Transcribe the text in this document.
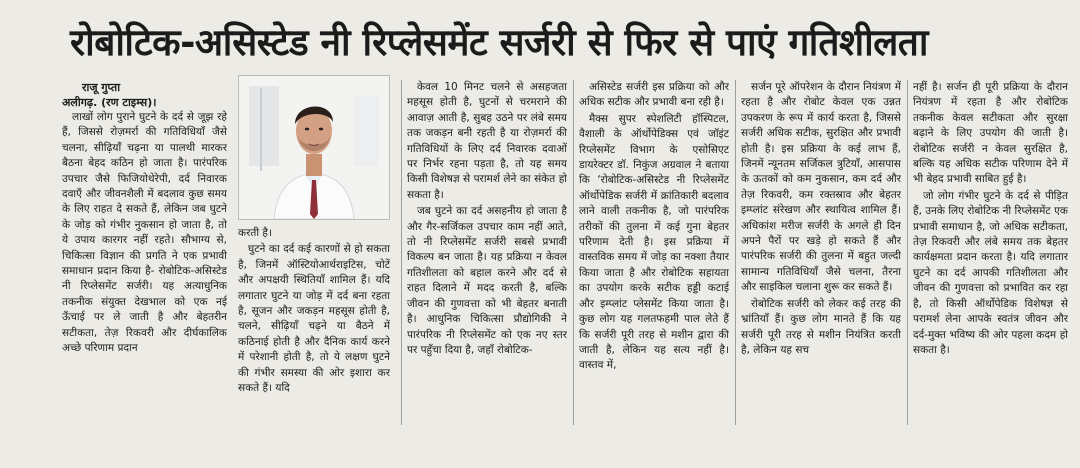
रोबोटिक-असिस्टेड नी रिप्लेसमेंट सर्जरी से फिर से पाएं गतिशीलता
राजू गुप्ता
अलीगढ़. (रण टाइम्स)।

लाखों लोग पुराने घुटने के दर्द से जूझ रहे हैं, जिससे रोज़मर्रा की गतिविधियाँ जैसे चलना, सीढ़ियाँ चढ़ना या पालथी मारकर बैठना बेहद कठिन हो जाता है। पारंपरिक उपचार जैसे फिजियोथेरेपी, दर्द निवारक दवाएँ और जीवनशैली में बदलाव कुछ समय के लिए राहत दे सकते हैं, लेकिन जब घुटने के जोड़ को गंभीर नुकसान हो जाता है, तो ये उपाय कारगर नहीं रहते। सौभाग्य से, चिकित्सा विज्ञान की प्रगति ने एक प्रभावी समाधान प्रदान किया है- रोबोटिक-असिस्टेड नी रिप्लेसमेंट सर्जरी। यह अत्याधुनिक तकनीक संयुक्त देखभाल को एक नई ऊँचाई पर ले जाती है और बेहतरीन सटीकता, तेज़ रिकवरी और दीर्घकालिक अच्छे परिणाम प्रदान

करती है।

घुटने का दर्द कई कारणों से हो सकता है, जिनमें ऑस्टियोआर्थराइटिस, चोटें और अपक्षयी स्थितियाँ शामिल हैं। यदि लगातार घुटने या जोड़ में दर्द बना रहता है, सूजन और जकड़न महसूस होती है, चलने, सीढ़ियाँ चढ़ने या बैठने में कठिनाई होती है और दैनिक कार्य करने में परेशानी होती है, तो ये लक्षण घुटने की गंभीर समस्या की ओर इशारा कर सकते हैं। यदि

केवल 10 मिनट चलने से असहजता महसूस होती है, घुटनों से चरमराने की आवाज़ आती है, सुबह उठने पर लंबे समय तक जकड़न बनी रहती है या रोज़मर्रा की गतिविधियों के लिए दर्द निवारक दवाओं पर निर्भर रहना पड़ता है, तो यह समय किसी विशेषज्ञ से परामर्श लेने का संकेत हो सकता है।

जब घुटने का दर्द असहनीय हो जाता है और गैर-सर्जिकल उपचार काम नहीं आते, तो नी रिप्लेसमेंट सर्जरी सबसे प्रभावी विकल्प बन जाता है। यह प्रक्रिया न केवल गतिशीलता को बहाल करने और दर्द से राहत दिलाने में मदद करती है, बल्कि जीवन की गुणवत्ता को भी बेहतर बनाती है। आधुनिक चिकित्सा प्रौद्योगिकी ने पारंपरिक नी रिप्लेसमेंट को एक नए स्तर पर पहुँचा दिया है, जहाँ रोबोटिक-

असिस्टेड सर्जरी इस प्रक्रिया को और अधिक सटीक और प्रभावी बना रही है।

मैक्स सुपर स्पेशलिटी हॉस्पिटल, वैशाली के ऑर्थोपेडिक्स एवं जॉइंट रिप्लेसमेंट विभाग के एसोसिएट डायरेक्टर डॉ. निकुंज अग्रवाल ने बताया कि ‘रोबोटिक-असिस्टेड नी रिप्लेसमेंट ऑर्थोपेडिक सर्जरी में क्रांतिकारी बदलाव लाने वाली तकनीक है, जो पारंपरिक तरीकों की तुलना में कई गुना बेहतर परिणाम देती है। इस प्रक्रिया में वास्तविक समय में जोड़ का नक्शा तैयार किया जाता है और रोबोटिक सहायता का उपयोग करके सटीक हड्डी कटाई और इम्प्लांट प्लेसमेंट किया जाता है। कुछ लोग यह गलतफहमी पाल लेते हैं कि सर्जरी पूरी तरह से मशीन द्वारा की जाती है, लेकिन यह सत्य नहीं है। वास्तव में,

सर्जन पूरे ऑपरेशन के दौरान नियंत्रण में रहता है और रोबोट केवल एक उन्नत उपकरण के रूप में कार्य करता है, जिससे सर्जरी अधिक सटीक, सुरक्षित और प्रभावी होती है। इस प्रक्रिया के कई लाभ हैं, जिनमें न्यूनतम सर्जिकल त्रुटियाँ, आसपास के ऊतकों को कम नुकसान, कम दर्द और तेज़ रिकवरी, कम रक्तस्राव और बेहतर इम्प्लांट संरेखण और स्थायित्व शामिल हैं। अधिकांश मरीज सर्जरी के अगले ही दिन अपने पैरों पर खड़े हो सकते हैं और पारंपरिक सर्जरी की तुलना में बहुत जल्दी सामान्य गतिविधियाँ जैसे चलना, तैरना और साइकिल चलाना शुरू कर सकते हैं।

रोबोटिक सर्जरी को लेकर कई तरह की भ्रांतियाँ हैं। कुछ लोग मानते हैं कि यह सर्जरी पूरी तरह से मशीन नियंत्रित करती है, लेकिन यह सच

नहीं है। सर्जन ही पूरी प्रक्रिया के दौरान नियंत्रण में रहता है और रोबोटिक तकनीक केवल सटीकता और सुरक्षा बढ़ाने के लिए उपयोग की जाती है। रोबोटिक सर्जरी न केवल सुरक्षित है, बल्कि यह अधिक सटीक परिणाम देने में भी बेहद प्रभावी साबित हुई है।

जो लोग गंभीर घुटने के दर्द से पीड़ित हैं, उनके लिए रोबोटिक नी रिप्लेसमेंट एक प्रभावी समाधान है, जो अधिक सटीकता, तेज़ रिकवरी और लंबे समय तक बेहतर कार्यक्षमता प्रदान करता है। यदि लगातार घुटने का दर्द आपकी गतिशीलता और जीवन की गुणवत्ता को प्रभावित कर रहा है, तो किसी ऑर्थोपेडिक विशेषज्ञ से परामर्श लेना आपके स्वतंत्र जीवन और दर्द-मुक्त भविष्य की ओर पहला कदम हो सकता है।
